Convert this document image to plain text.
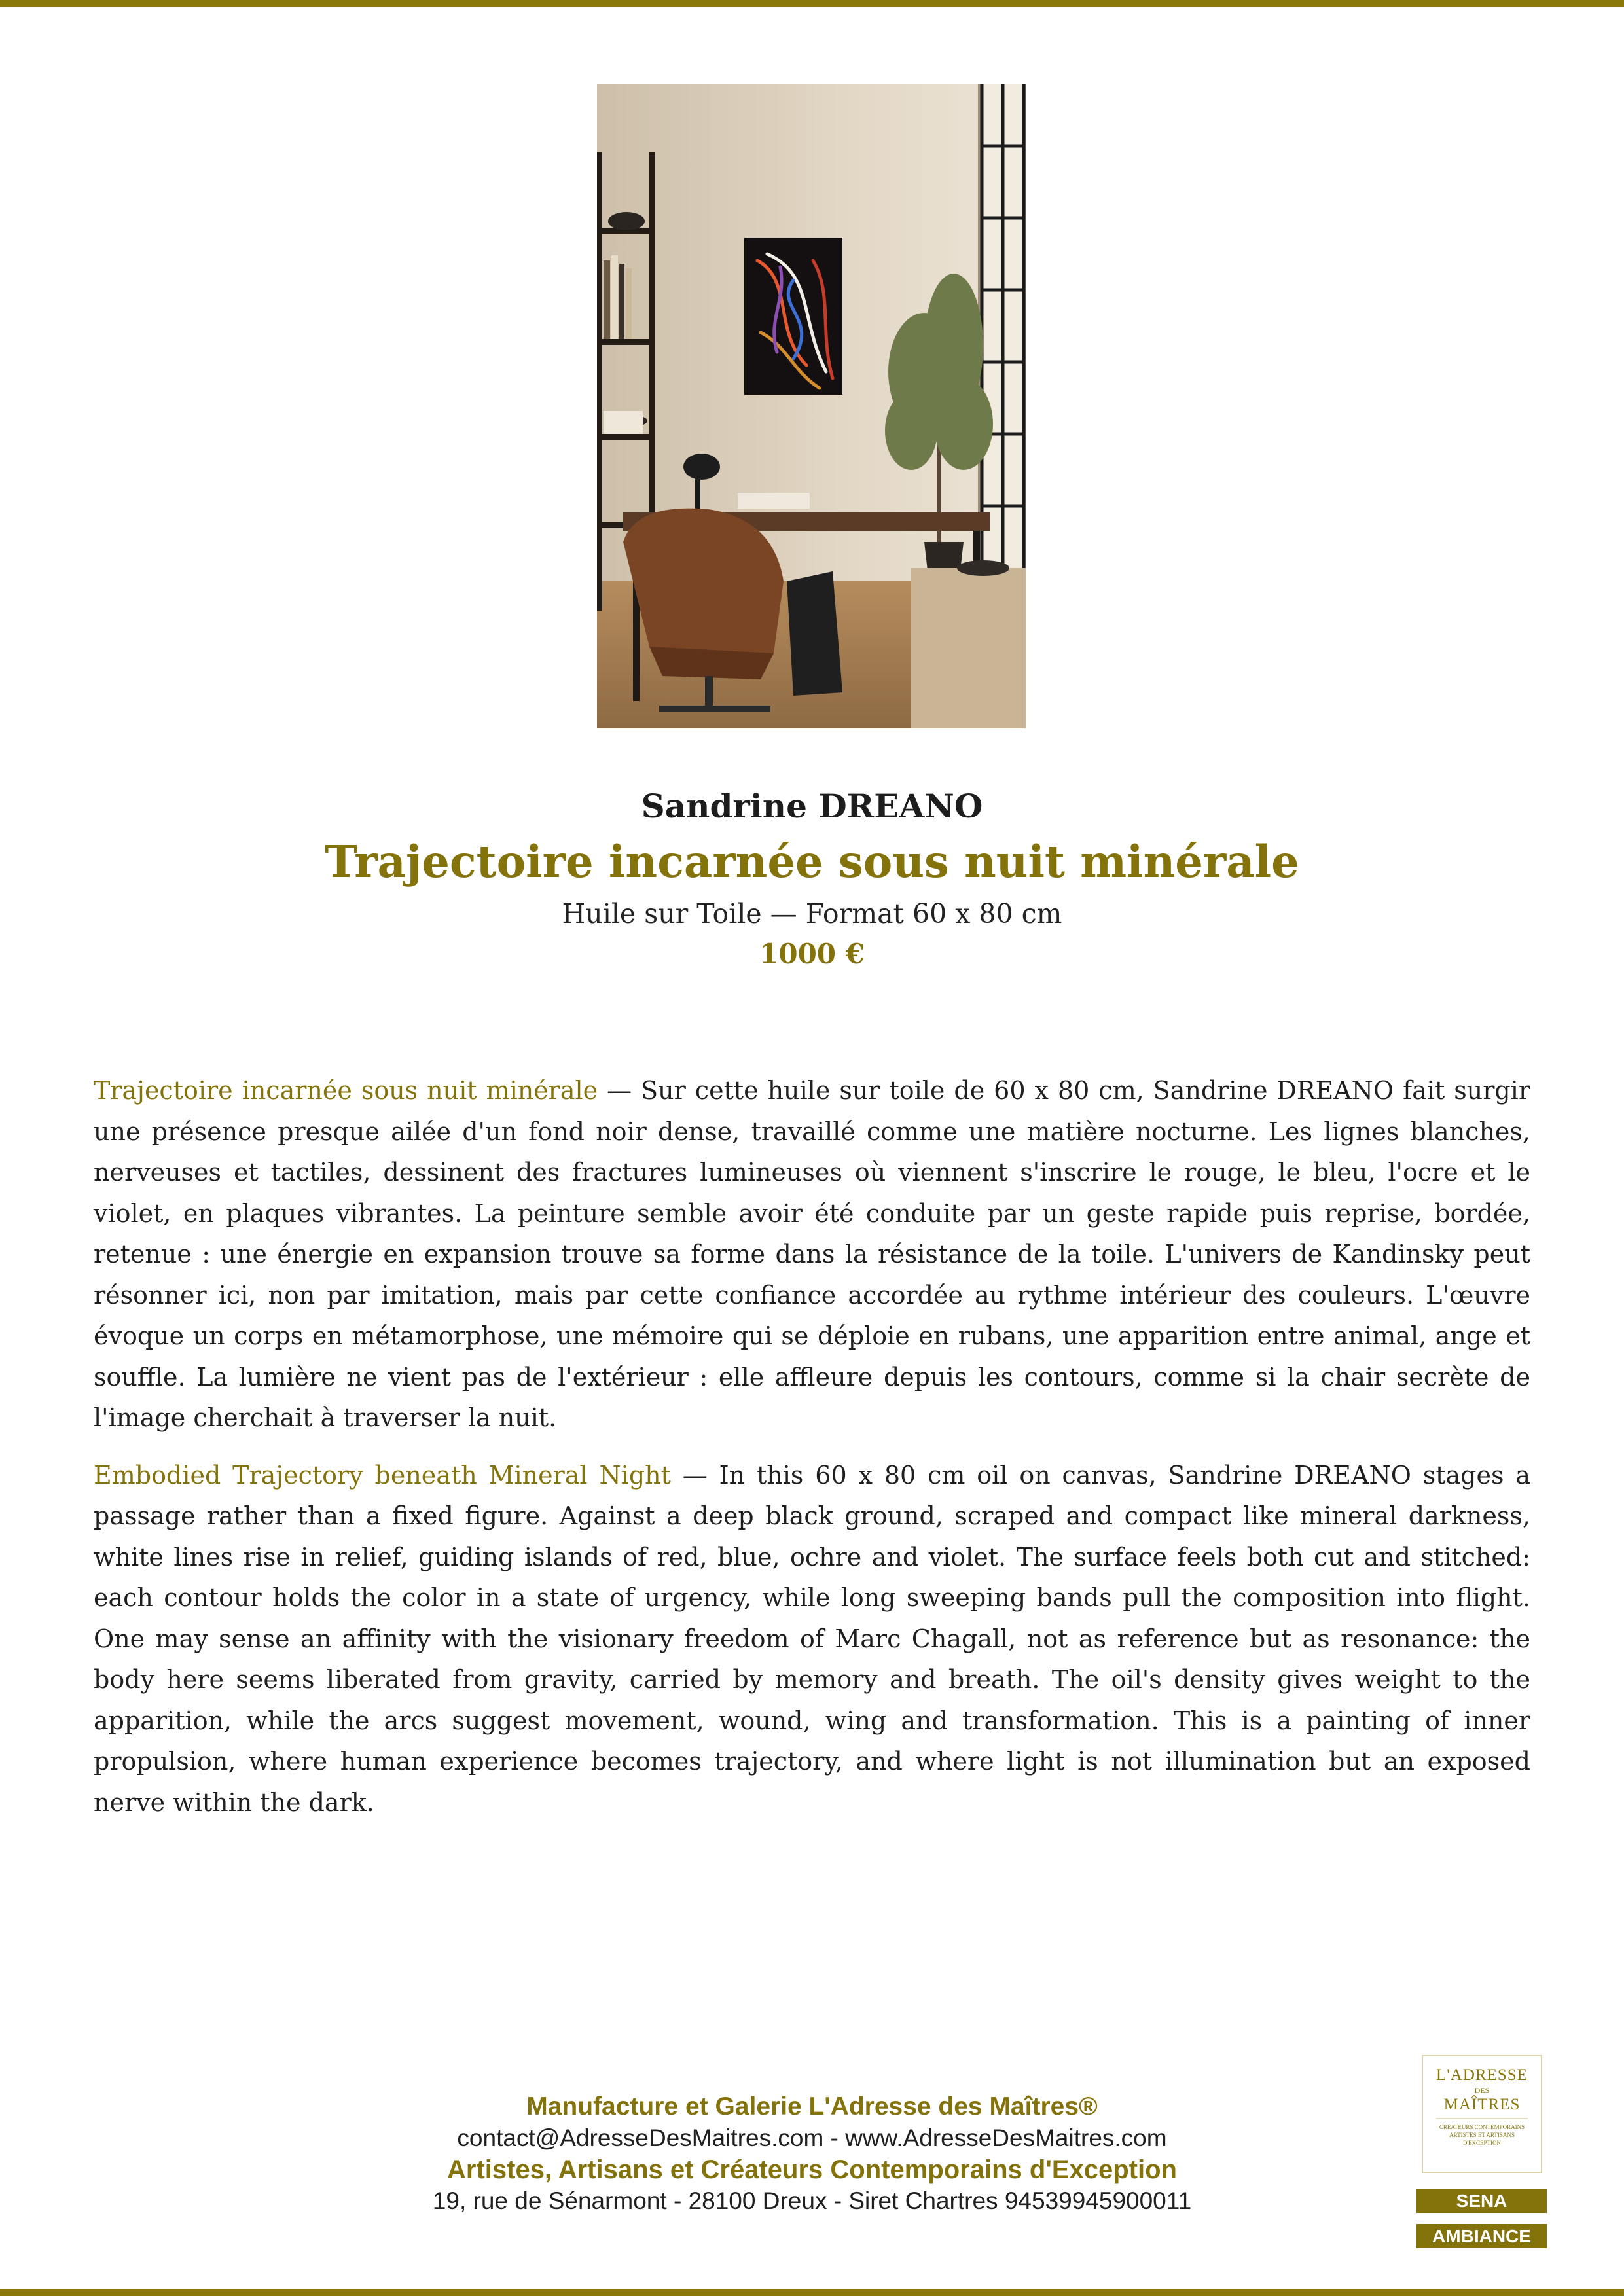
Sandrine DREANO
Trajectoire incarnée sous nuit minérale
Huile sur Toile — Format 60 x 80 cm
1000 €

Trajectoire incarnée sous nuit minérale — Sur cette huile sur toile de 60 x 80 cm, Sandrine DREANO fait surgir une présence presque ailée d'un fond noir dense, travaillé comme une matière nocturne. Les lignes blanches, nerveuses et tactiles, dessinent des fractures lumineuses où viennent s'inscrire le rouge, le bleu, l'ocre et le violet, en plaques vibrantes. La peinture semble avoir été conduite par un geste rapide puis reprise, bordée, retenue : une énergie en expansion trouve sa forme dans la résistance de la toile. L'univers de Kandinsky peut résonner ici, non par imitation, mais par cette confiance accordée au rythme intérieur des couleurs. L'œuvre évoque un corps en métamorphose, une mémoire qui se déploie en rubans, une apparition entre animal, ange et souffle. La lumière ne vient pas de l'extérieur : elle affleure depuis les contours, comme si la chair secrète de l'image cherchait à traverser la nuit.

Embodied Trajectory beneath Mineral Night — In this 60 x 80 cm oil on canvas, Sandrine DREANO stages a passage rather than a fixed figure. Against a deep black ground, scraped and compact like mineral darkness, white lines rise in relief, guiding islands of red, blue, ochre and violet. The surface feels both cut and stitched: each contour holds the color in a state of urgency, while long sweeping bands pull the composition into flight. One may sense an affinity with the visionary freedom of Marc Chagall, not as reference but as resonance: the body here seems liberated from gravity, carried by memory and breath. The oil's density gives weight to the apparition, while the arcs suggest movement, wound, wing and transformation. This is a painting of inner propulsion, where human experience becomes trajectory, and where light is not illumination but an exposed nerve within the dark.

Manufacture et Galerie L'Adresse des Maîtres®
contact@AdresseDesMaitres.com - www.AdresseDesMaitres.com
Artistes, Artisans et Créateurs Contemporains d'Exception
19, rue de Sénarmont - 28100 Dreux - Siret Chartres 94539945900011
L'ADRESSE
DES
MAÎTRES
CRÉATEURS CONTEMPORAINS ARTISTES ET ARTISANS D'EXCEPTION
SENA
AMBIANCE
